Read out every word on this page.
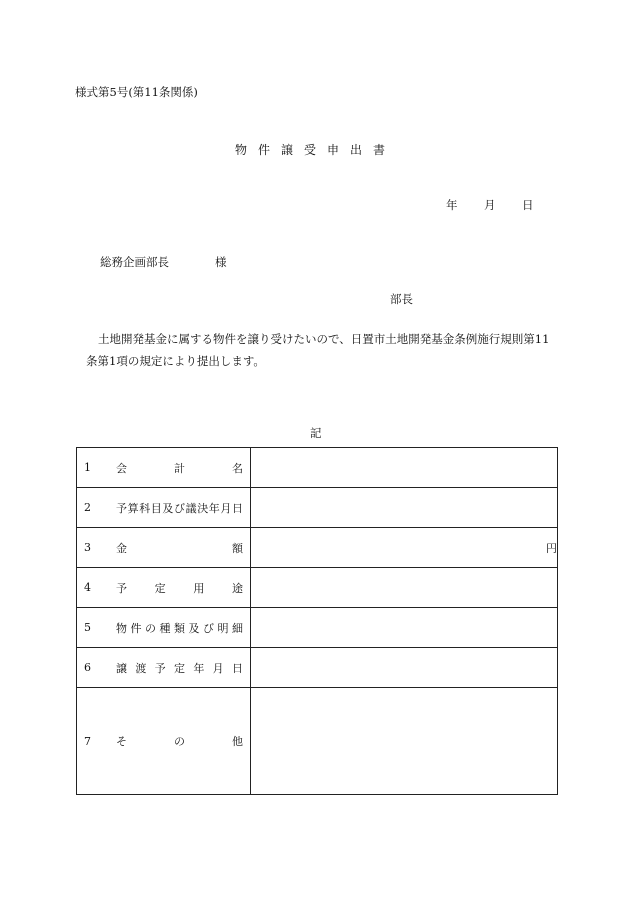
様式第5号(第11条関係)
物件譲受申出書
年 月 日
総務企画部長	様
部長
土地開発基金に属する物件を譲り受けたいので、日置市土地開発基金条例施行規則第11条第1項の規定により提出します。
記
1 会計名	

2 予算科目及び議決年月日	

3 金額	円

4 予定用途	

5 物件の種類及び明細	

6 譲渡予定年月日	

7 その他	
